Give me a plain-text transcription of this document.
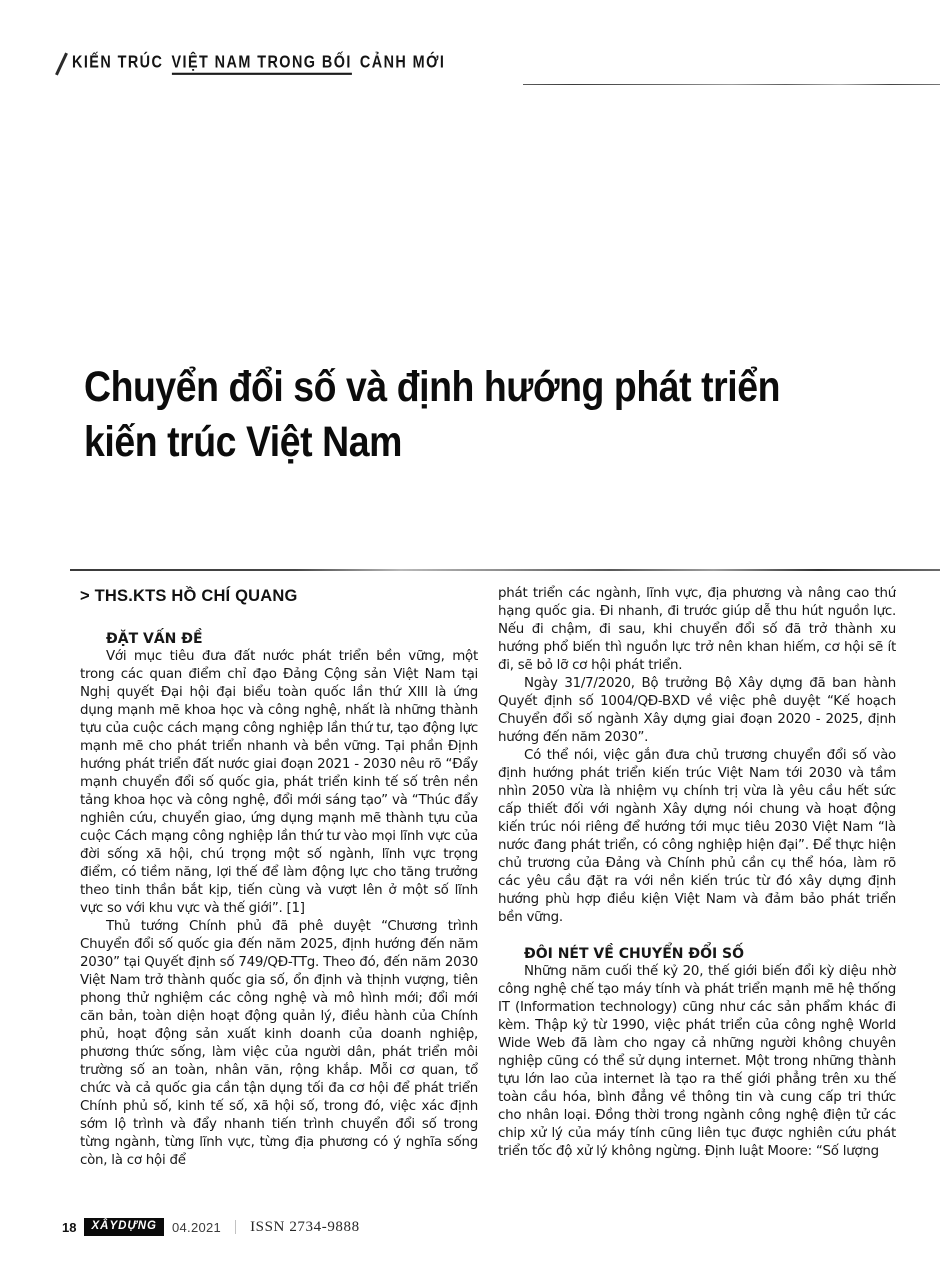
KIẾN TRÚC VIỆT NAM TRONG BỐI CẢNH MỚI
Chuyển đổi số và định hướng phát triển
kiến trúc Việt Nam
> THS.KTS HỒ CHÍ QUANG
ĐẶT VẤN ĐỀ
Với mục tiêu đưa đất nước phát triển bền vững, một trong các quan điểm chỉ đạo Đảng Cộng sản Việt Nam tại Nghị quyết Đại hội đại biểu toàn quốc lần thứ XIII là ứng dụng mạnh mẽ khoa học và công nghệ, nhất là những thành tựu của cuộc cách mạng công nghiệp lần thứ tư, tạo động lực mạnh mẽ cho phát triển nhanh và bền vững. Tại phần Định hướng phát triển đất nước giai đoạn 2021 - 2030 nêu rõ “Đẩy mạnh chuyển đổi số quốc gia, phát triển kinh tế số trên nền tảng khoa học và công nghệ, đổi mới sáng tạo” và “Thúc đẩy nghiên cứu, chuyển giao, ứng dụng mạnh mẽ thành tựu của cuộc Cách mạng công nghiệp lần thứ tư vào mọi lĩnh vực của đời sống xã hội, chú trọng một số ngành, lĩnh vực trọng điểm, có tiềm năng, lợi thế để làm động lực cho tăng trưởng theo tinh thần bắt kịp, tiến cùng và vượt lên ở một số lĩnh vực so với khu vực và thế giới”. [1]
Thủ tướng Chính phủ đã phê duyệt “Chương trình Chuyển đổi số quốc gia đến năm 2025, định hướng đến năm 2030” tại Quyết định số 749/QĐ-TTg. Theo đó, đến năm 2030 Việt Nam trở thành quốc gia số, ổn định và thịnh vượng, tiên phong thử nghiệm các công nghệ và mô hình mới; đổi mới căn bản, toàn diện hoạt động quản lý, điều hành của Chính phủ, hoạt động sản xuất kinh doanh của doanh nghiệp, phương thức sống, làm việc của người dân, phát triển môi trường số an toàn, nhân văn, rộng khắp. Mỗi cơ quan, tổ chức và cả quốc gia cần tận dụng tối đa cơ hội để phát triển Chính phủ số, kinh tế số, xã hội số, trong đó, việc xác định sớm lộ trình và đẩy nhanh tiến trình chuyển đổi số trong từng ngành, từng lĩnh vực, từng địa phương có ý nghĩa sống còn, là cơ hội để
phát triển các ngành, lĩnh vực, địa phương và nâng cao thứ hạng quốc gia. Đi nhanh, đi trước giúp dễ thu hút nguồn lực. Nếu đi chậm, đi sau, khi chuyển đổi số đã trở thành xu hướng phổ biến thì nguồn lực trở nên khan hiếm, cơ hội sẽ ít đi, sẽ bỏ lỡ cơ hội phát triển.
Ngày 31/7/2020, Bộ trưởng Bộ Xây dựng đã ban hành Quyết định số 1004/QĐ-BXD về việc phê duyệt “Kế hoạch Chuyển đổi số ngành Xây dựng giai đoạn 2020 - 2025, định hướng đến năm 2030”.
Có thể nói, việc gắn đưa chủ trương chuyển đổi số vào định hướng phát triển kiến trúc Việt Nam tới 2030 và tầm nhìn 2050 vừa là nhiệm vụ chính trị vừa là yêu cầu hết sức cấp thiết đối với ngành Xây dựng nói chung và hoạt động kiến trúc nói riêng để hướng tới mục tiêu 2030 Việt Nam “là nước đang phát triển, có công nghiệp hiện đại”. Để thực hiện chủ trương của Đảng và Chính phủ cần cụ thể hóa, làm rõ các yêu cầu đặt ra với nền kiến trúc từ đó xây dựng định hướng phù hợp điều kiện Việt Nam và đảm bảo phát triển bền vững.
ĐÔI NÉT VỀ CHUYỂN ĐỔI SỐ
Những năm cuối thế kỷ 20, thế giới biến đổi kỳ diệu nhờ công nghệ chế tạo máy tính và phát triển mạnh mẽ hệ thống IT (Information technology) cũng như các sản phẩm khác đi kèm. Thập kỷ từ 1990, việc phát triển của công nghệ World Wide Web đã làm cho ngay cả những người không chuyên nghiệp cũng có thể sử dụng internet. Một trong những thành tựu lớn lao của internet là tạo ra thế giới phẳng trên xu thế toàn cầu hóa, bình đẳng về thông tin và cung cấp tri thức cho nhân loại. Đồng thời trong ngành công nghệ điện tử các chip xử lý của máy tính cũng liên tục được nghiên cứu phát triển tốc độ xử lý không ngừng. Định luật Moore: “Số lượng
18	XÂYDỰNG	04.2021 ISSN 2734-9888
